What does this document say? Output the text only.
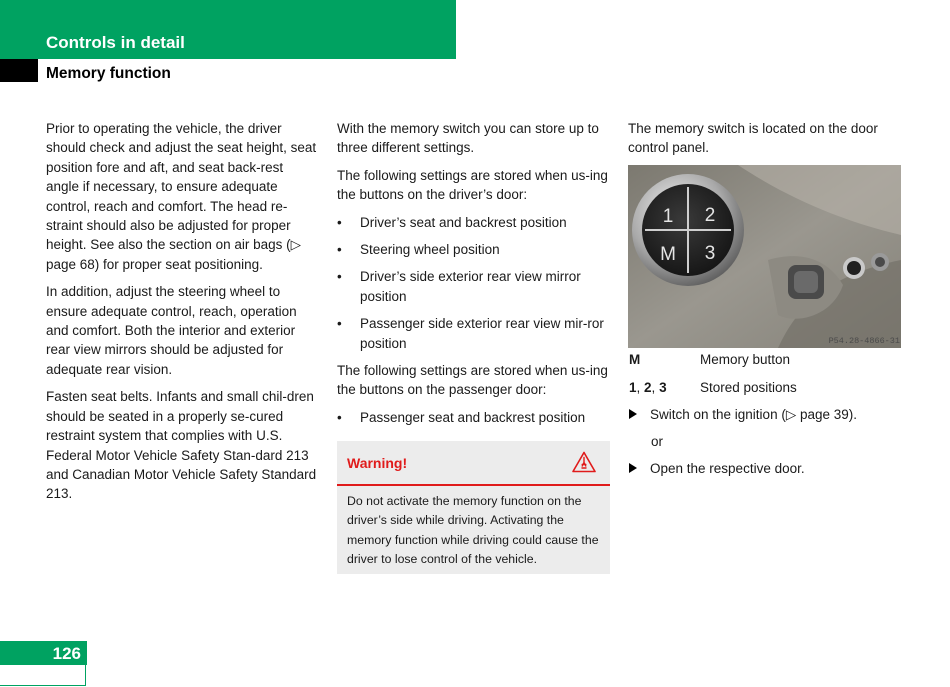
Controls in detail
Memory function

Prior to operating the vehicle, the driver should check and adjust the seat height, seat position fore and aft, and seat back-rest angle if necessary, to ensure adequate control, reach and comfort. The head re-straint should also be adjusted for proper height. See also the section on air bags (▷ page 68) for proper seat positioning.

In addition, adjust the steering wheel to ensure adequate control, reach, operation and comfort. Both the interior and exterior rear view mirrors should be adjusted for adequate rear vision.

Fasten seat belts. Infants and small chil-dren should be seated in a properly se-cured restraint system that complies with U.S. Federal Motor Vehicle Safety Stan-dard 213 and Canadian Motor Vehicle Safety Standard 213.

With the memory switch you can store up to three different settings.

The following settings are stored when us-ing the buttons on the driver’s door:

•	Driver’s seat and backrest position
•	Steering wheel position
•	Driver’s side exterior rear view mirror position
•	Passenger side exterior rear view mir-ror position

The following settings are stored when us-ing the buttons on the passenger door:

•	Passenger seat and backrest position
Warning!
Do not activate the memory function on the driver’s side while driving. Activating the memory function while driving could cause the driver to lose control of the vehicle.

The memory switch is located on the door control panel.

1 2
M 3
P54.28-4866-31
M	Memory button
1, 2, 3 Stored positions
Switch on the ignition (▷ page 39).
or
Open the respective door.
126
